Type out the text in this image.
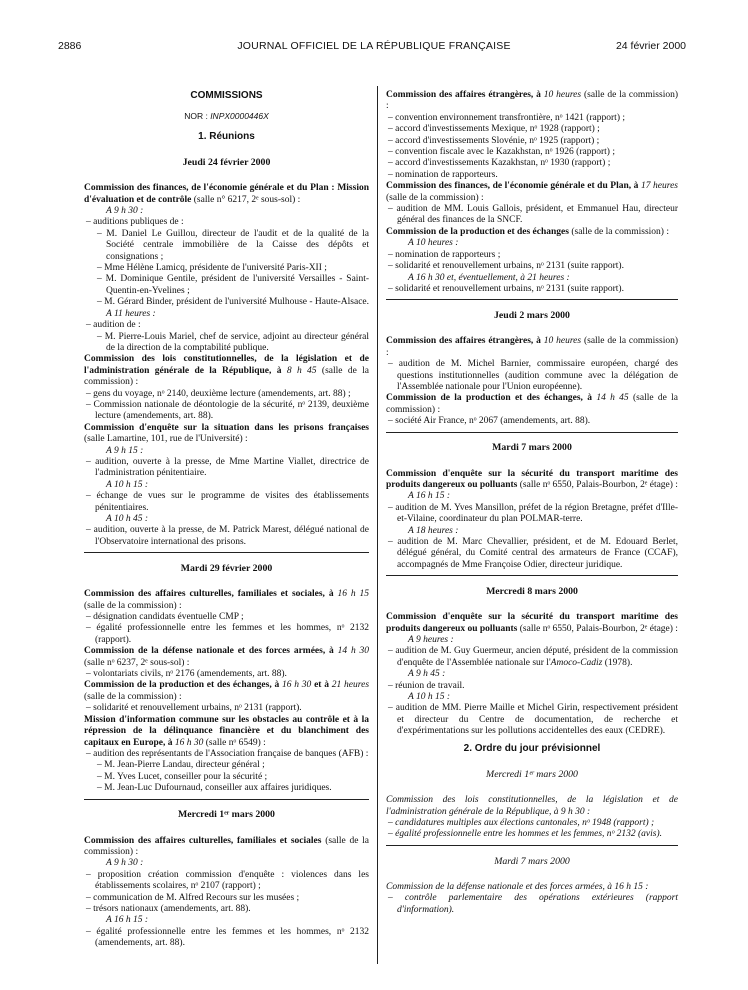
2886	JOURNAL OFFICIEL DE LA RÉPUBLIQUE FRANÇAISE	24 février 2000

COMMISSIONS

NOR : INPX0000446X

1. Réunions

Jeudi 24 février 2000

Commission des finances, de l'économie générale et du Plan : Mission d'évaluation et de contrôle (salle n° 6217, 2ᵉ sous-sol) :

A 9 h 30 :

– auditions publiques de :

– M. Daniel Le Guillou, directeur de l'audit et de la qualité de la Société centrale immobilière de la Caisse des dépôts et consignations ;

– Mme Hélène Lamicq, présidente de l'université Paris-XII ;

– M. Dominique Gentile, président de l'université Versailles - Saint-Quentin-en-Yvelines ;

– M. Gérard Binder, président de l'université Mulhouse - Haute-Alsace.

A 11 heures :

– audition de :

– M. Pierre-Louis Mariel, chef de service, adjoint au directeur général de la direction de la comptabilité publique.

Commission des lois constitutionnelles, de la législation et de l'administration générale de la République, à 8 h 45 (salle de la commission) :

– gens du voyage, nᵒ 2140, deuxième lecture (amendements, art. 88) ;

– Commission nationale de déontologie de la sécurité, nᵒ 2139, deuxième lecture (amendements, art. 88).

Commission d'enquête sur la situation dans les prisons françaises (salle Lamartine, 101, rue de l'Université) :

A 9 h 15 :

– audition, ouverte à la presse, de Mme Martine Viallet, directrice de l'administration pénitentiaire.

A 10 h 15 :

– échange de vues sur le programme de visites des établissements pénitentiaires.

A 10 h 45 :

– audition, ouverte à la presse, de M. Patrick Marest, délégué national de l'Observatoire international des prisons.

Mardi 29 février 2000

Commission des affaires culturelles, familiales et sociales, à 16 h 15 (salle de la commission) :

– désignation candidats éventuelle CMP ;

– égalité professionnelle entre les femmes et les hommes, nᵒ 2132 (rapport).

Commission de la défense nationale et des forces armées, à 14 h 30 (salle nᵒ 6237, 2ᵉ sous-sol) :

– volontariats civils, nᵒ 2176 (amendements, art. 88).

Commission de la production et des échanges, à 16 h 30 et à 21 heures (salle de la commission) :

– solidarité et renouvellement urbains, nᵒ 2131 (rapport).

Mission d'information commune sur les obstacles au contrôle et à la répression de la délinquance financière et du blanchiment des capitaux en Europe, à 16 h 30 (salle nᵒ 6549) :

– audition des représentants de l'Association française de banques (AFB) :

– M. Jean-Pierre Landau, directeur général ;

– M. Yves Lucet, conseiller pour la sécurité ;

– M. Jean-Luc Dufournaud, conseiller aux affaires juridiques.

Mercredi 1ᵉʳ mars 2000

Commission des affaires culturelles, familiales et sociales (salle de la commission) :

A 9 h 30 :

– proposition création commission d'enquête : violences dans les établissements scolaires, nᵒ 2107 (rapport) ;

– communication de M. Alfred Recours sur les musées ;

– trésors nationaux (amendements, art. 88).

A 16 h 15 :

– égalité professionnelle entre les femmes et les hommes, nᵒ 2132 (amendements, art. 88).

Commission des affaires étrangères, à 10 heures (salle de la commission) :

– convention environnement transfrontière, nᵒ 1421 (rapport) ;

– accord d'investissements Mexique, nᵒ 1928 (rapport) ;

– accord d'investissements Slovénie, nᵒ 1925 (rapport) ;

– convention fiscale avec le Kazakhstan, nᵒ 1926 (rapport) ;

– accord d'investissements Kazakhstan, nᵒ 1930 (rapport) ;

– nomination de rapporteurs.

Commission des finances, de l'économie générale et du Plan, à 17 heures (salle de la commission) :

– audition de MM. Louis Gallois, président, et Emmanuel Hau, directeur général des finances de la SNCF.

Commission de la production et des échanges (salle de la commission) :

A 10 heures :

– nomination de rapporteurs ;

– solidarité et renouvellement urbains, nᵒ 2131 (suite rapport).

A 16 h 30 et, éventuellement, à 21 heures :

– solidarité et renouvellement urbains, nᵒ 2131 (suite rapport).

Jeudi 2 mars 2000

Commission des affaires étrangères, à 10 heures (salle de la commission) :

– audition de M. Michel Barnier, commissaire européen, chargé des questions institutionnelles (audition commune avec la délégation de l'Assemblée nationale pour l'Union européenne).

Commission de la production et des échanges, à 14 h 45 (salle de la commission) :

– société Air France, nᵒ 2067 (amendements, art. 88).

Mardi 7 mars 2000

Commission d'enquête sur la sécurité du transport maritime des produits dangereux ou polluants (salle nᵒ 6550, Palais-Bourbon, 2ᵉ étage) :

A 16 h 15 :

– audition de M. Yves Mansillon, préfet de la région Bretagne, préfet d'Ille-et-Vilaine, coordinateur du plan POLMAR-terre.

A 18 heures :

– audition de M. Marc Chevallier, président, et de M. Edouard Berlet, délégué général, du Comité central des armateurs de France (CCAF), accompagnés de Mme Françoise Odier, directeur juridique.

Mercredi 8 mars 2000

Commission d'enquête sur la sécurité du transport maritime des produits dangereux ou polluants (salle nᵒ 6550, Palais-Bourbon, 2ᵉ étage) :

A 9 heures :

– audition de M. Guy Guermeur, ancien député, président de la commission d'enquête de l'Assemblée nationale sur l'Amoco-Cadiz (1978).

A 9 h 45 :

– réunion de travail.

A 10 h 15 :

– audition de MM. Pierre Maille et Michel Girin, respectivement président et directeur du Centre de documentation, de recherche et d'expérimentations sur les pollutions accidentelles des eaux (CEDRE).

2. Ordre du jour prévisionnel

Mercredi 1ᵉʳ mars 2000

Commission des lois constitutionnelles, de la législation et de l'administration générale de la République, à 9 h 30 :

– candidatures multiples aux élections cantonales, nᵒ 1948 (rapport) ;

– égalité professionnelle entre les hommes et les femmes, nᵒ 2132 (avis).

Mardi 7 mars 2000

Commission de la défense nationale et des forces armées, à 16 h 15 :

– contrôle parlementaire des opérations extérieures (rapport d'information).
